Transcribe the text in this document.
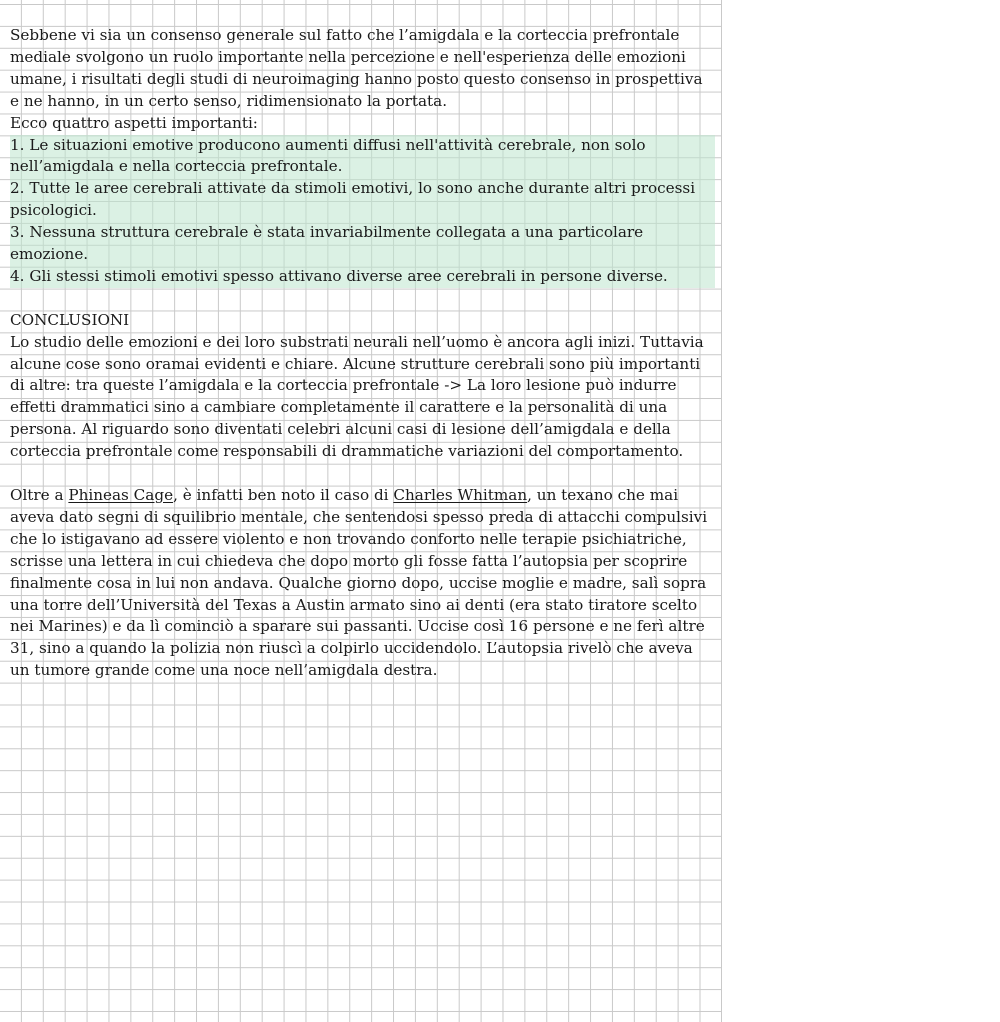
Sebbene vi sia un consenso generale sul fatto che l’amigdala e la corteccia prefrontale mediale svolgono un ruolo importante nella percezione e nell'esperienza delle emozioni umane, i risultati degli studi di neuroimaging hanno posto questo consenso in prospettiva e ne hanno, in un certo senso, ridimensionato la portata.

Ecco quattro aspetti importanti:

1. Le situazioni emotive producono aumenti diffusi nell'attività cerebrale, non solo nell’amigdala e nella corteccia prefrontale.

2. Tutte le aree cerebrali attivate da stimoli emotivi, lo sono anche durante altri processi psicologici.

3. Nessuna struttura cerebrale è stata invariabilmente collegata a una particolare emozione.

4. Gli stessi stimoli emotivi spesso attivano diverse aree cerebrali in persone diverse.

CONCLUSIONI

Lo studio delle emozioni e dei loro substrati neurali nell’uomo è ancora agli inizi. Tuttavia alcune cose sono oramai evidenti e chiare. Alcune strutture cerebrali sono più importanti di altre: tra queste l’amigdala e la corteccia prefrontale -> La loro lesione può indurre effetti drammatici sino a cambiare completamente il carattere e la personalità di una persona. Al riguardo sono diventati celebri alcuni casi di lesione dell’amigdala e della corteccia prefrontale come responsabili di drammatiche variazioni del comportamento.

Oltre a Phineas Cage, è infatti ben noto il caso di Charles Whitman, un texano che mai aveva dato segni di squilibrio mentale, che sentendosi spesso preda di attacchi compulsivi che lo istigavano ad essere violento e non trovando conforto nelle terapie psichiatriche, scrisse una lettera in cui chiedeva che dopo morto gli fosse fatta l’autopsia per scoprire finalmente cosa in lui non andava. Qualche giorno dopo, uccise moglie e madre, salì sopra una torre dell’Università del Texas a Austin armato sino ai denti (era stato tiratore scelto nei Marines) e da lì cominciò a sparare sui passanti. Uccise così 16 persone e ne ferì altre 31, sino a quando la polizia non riuscì a colpirlo uccidendolo. L’autopsia rivelò che aveva un tumore grande come una noce nell’amigdala destra.
